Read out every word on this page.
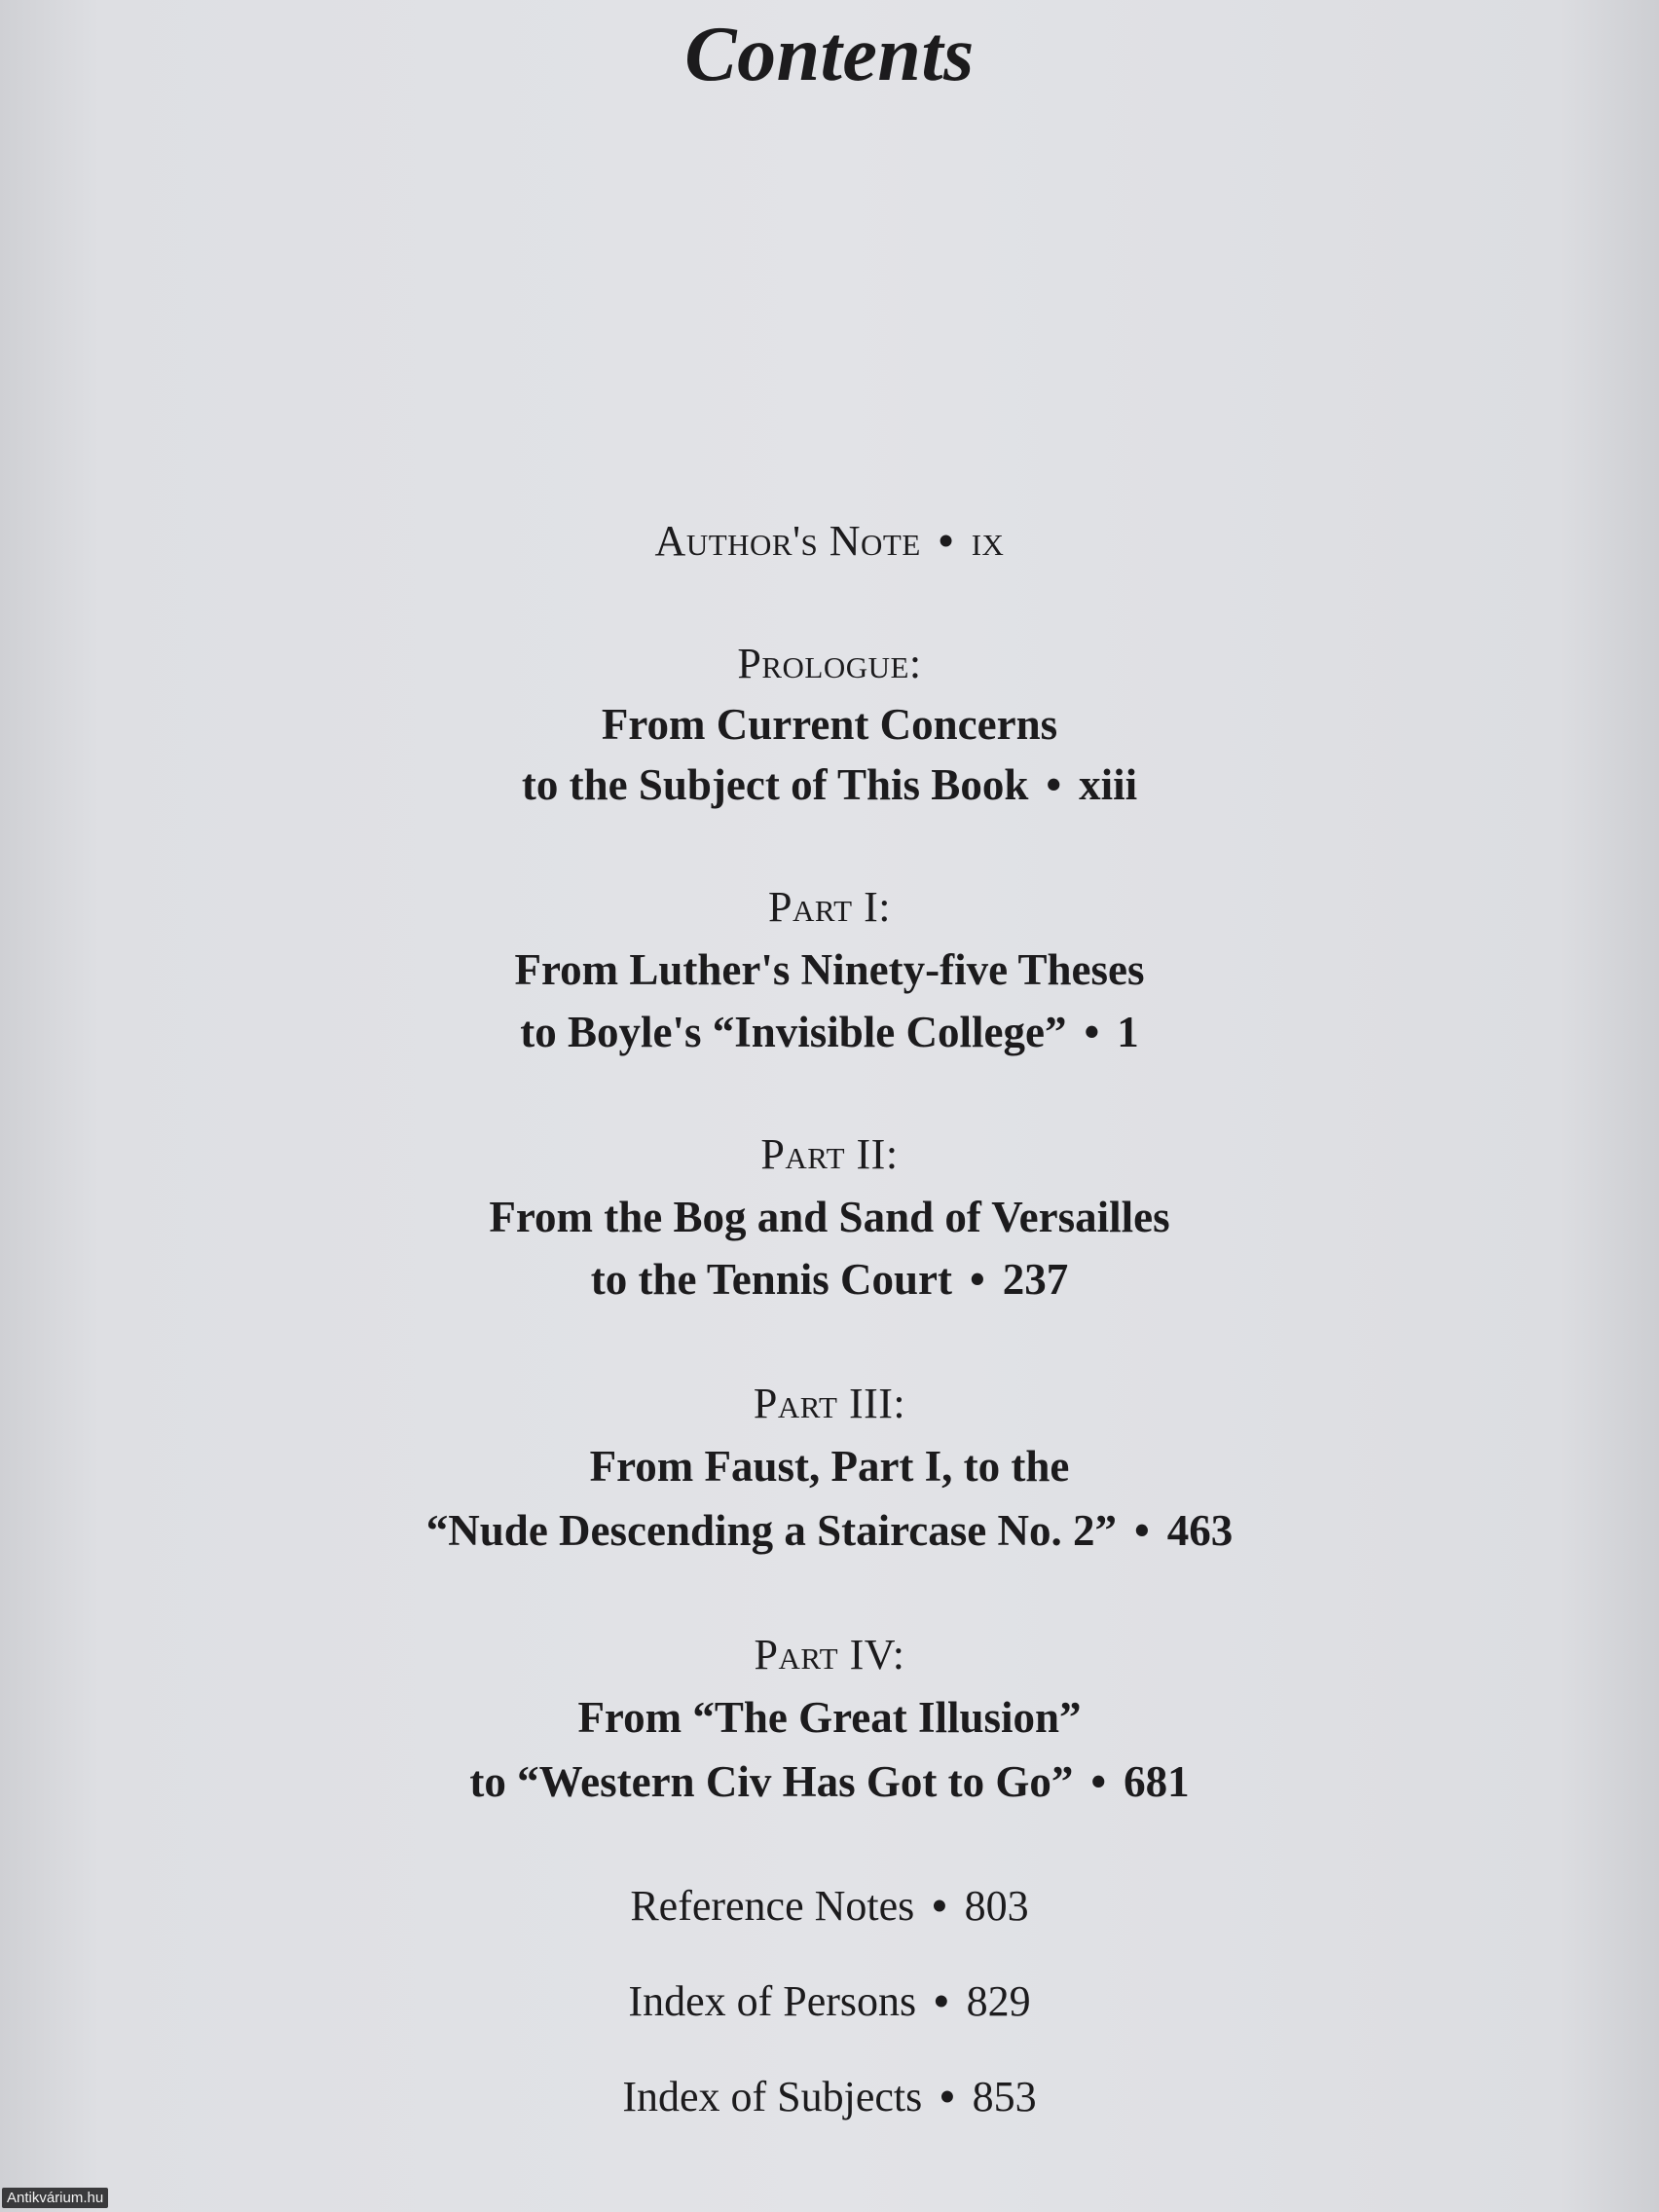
Contents
Author's Note • ix
Prologue:
From Current Concerns
to the Subject of This Book • xiii
Part I:
From Luther's Ninety-five Theses
to Boyle's “Invisible College” • 1
Part II:
From the Bog and Sand of Versailles
to the Tennis Court • 237
Part III:
From Faust, Part I, to the
“Nude Descending a Staircase No. 2” • 463
Part IV:
From “The Great Illusion”
to “Western Civ Has Got to Go” • 681
Reference Notes • 803
Index of Persons • 829
Index of Subjects • 853
Antikvárium.hu
